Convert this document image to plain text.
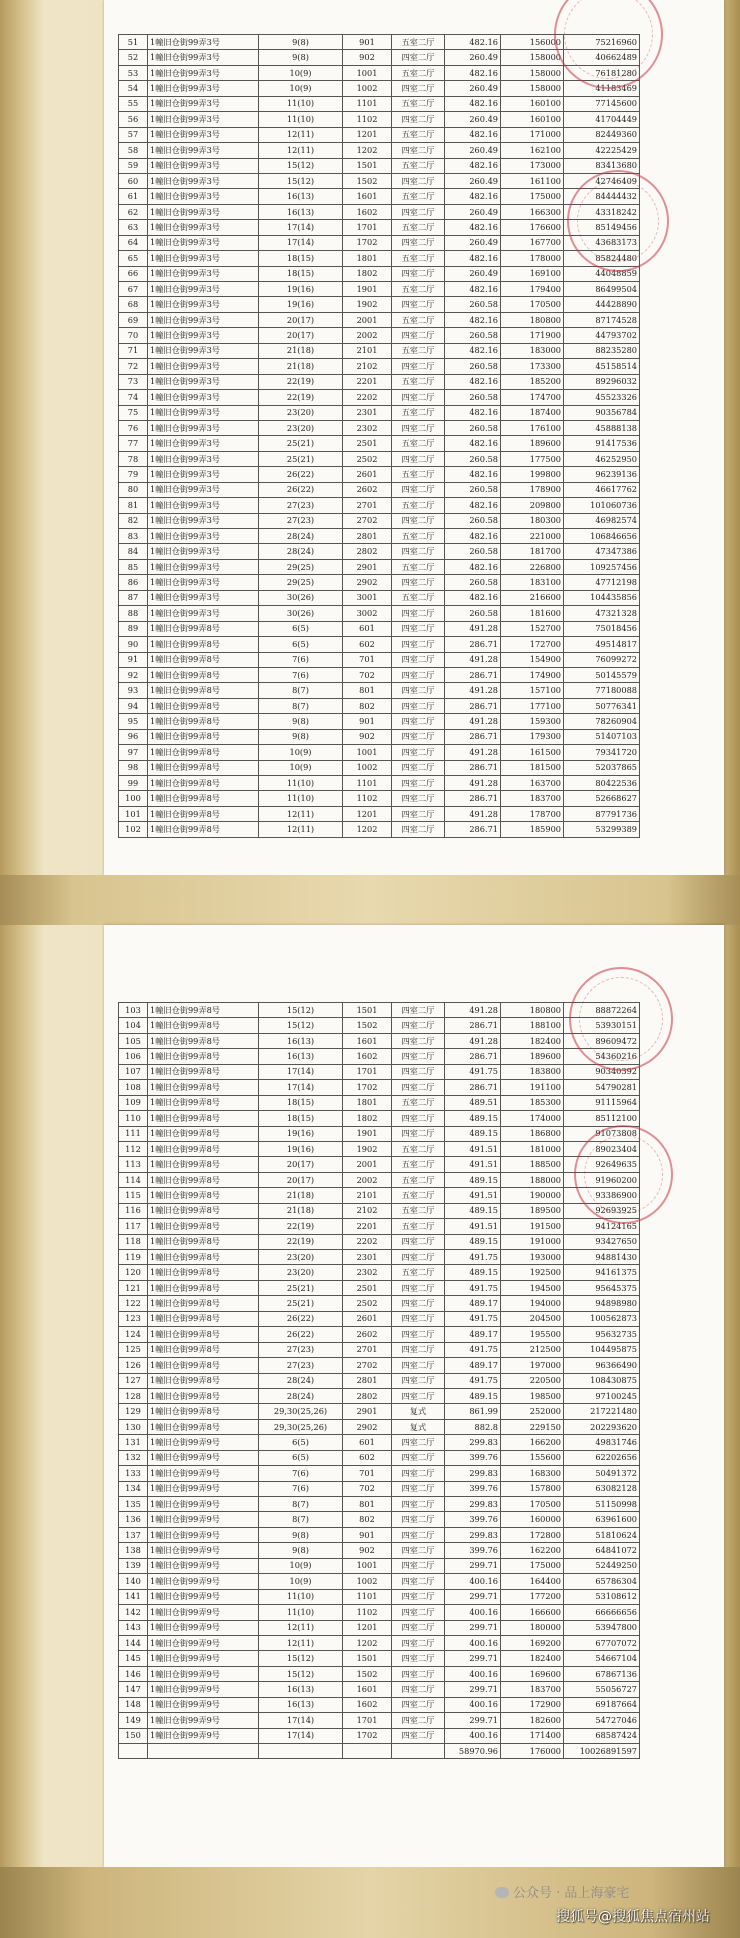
51	1幢旧仓街99弄3号	9(8)	901	五室二厅	482.16	156000	75216960
52	1幢旧仓街99弄3号	9(8)	902	四室二厅	260.49	158000	40662489
53	1幢旧仓街99弄3号	10(9)	1001	五室二厅	482.16	158000	76181280
54	1幢旧仓街99弄3号	10(9)	1002	四室二厅	260.49	158000	41183469
55	1幢旧仓街99弄3号	11(10)	1101	五室二厅	482.16	160100	77145600
56	1幢旧仓街99弄3号	11(10)	1102	四室二厅	260.49	160100	41704449
57	1幢旧仓街99弄3号	12(11)	1201	五室二厅	482.16	171000	82449360
58	1幢旧仓街99弄3号	12(11)	1202	四室二厅	260.49	162100	42225429
59	1幢旧仓街99弄3号	15(12)	1501	五室二厅	482.16	173000	83413680
60	1幢旧仓街99弄3号	15(12)	1502	四室二厅	260.49	161100	42746409
61	1幢旧仓街99弄3号	16(13)	1601	五室二厅	482.16	175000	84444432
62	1幢旧仓街99弄3号	16(13)	1602	四室二厅	260.49	166300	43318242
63	1幢旧仓街99弄3号	17(14)	1701	五室二厅	482.16	176600	85149456
64	1幢旧仓街99弄3号	17(14)	1702	四室二厅	260.49	167700	43683173
65	1幢旧仓街99弄3号	18(15)	1801	五室二厅	482.16	178000	85824480
66	1幢旧仓街99弄3号	18(15)	1802	四室二厅	260.49	169100	44048859
67	1幢旧仓街99弄3号	19(16)	1901	五室二厅	482.16	179400	86499504
68	1幢旧仓街99弄3号	19(16)	1902	四室二厅	260.58	170500	44428890
69	1幢旧仓街99弄3号	20(17)	2001	五室二厅	482.16	180800	87174528
70	1幢旧仓街99弄3号	20(17)	2002	四室二厅	260.58	171900	44793702
71	1幢旧仓街99弄3号	21(18)	2101	五室二厅	482.16	183000	88235280
72	1幢旧仓街99弄3号	21(18)	2102	四室二厅	260.58	173300	45158514
73	1幢旧仓街99弄3号	22(19)	2201	五室二厅	482.16	185200	89296032
74	1幢旧仓街99弄3号	22(19)	2202	四室二厅	260.58	174700	45523326
75	1幢旧仓街99弄3号	23(20)	2301	五室二厅	482.16	187400	90356784
76	1幢旧仓街99弄3号	23(20)	2302	四室二厅	260.58	176100	45888138
77	1幢旧仓街99弄3号	25(21)	2501	五室二厅	482.16	189600	91417536
78	1幢旧仓街99弄3号	25(21)	2502	四室二厅	260.58	177500	46252950
79	1幢旧仓街99弄3号	26(22)	2601	五室二厅	482.16	199800	96239136
80	1幢旧仓街99弄3号	26(22)	2602	四室二厅	260.58	178900	46617762
81	1幢旧仓街99弄3号	27(23)	2701	五室二厅	482.16	209800	101060736
82	1幢旧仓街99弄3号	27(23)	2702	四室二厅	260.58	180300	46982574
83	1幢旧仓街99弄3号	28(24)	2801	五室二厅	482.16	221000	106846656
84	1幢旧仓街99弄3号	28(24)	2802	四室二厅	260.58	181700	47347386
85	1幢旧仓街99弄3号	29(25)	2901	五室二厅	482.16	226800	109257456
86	1幢旧仓街99弄3号	29(25)	2902	四室二厅	260.58	183100	47712198
87	1幢旧仓街99弄3号	30(26)	3001	五室二厅	482.16	216600	104435856
88	1幢旧仓街99弄3号	30(26)	3002	四室二厅	260.58	181600	47321328
89	1幢旧仓街99弄8号	6(5)	601	四室二厅	491.28	152700	75018456
90	1幢旧仓街99弄8号	6(5)	602	四室二厅	286.71	172700	49514817
91	1幢旧仓街99弄8号	7(6)	701	四室二厅	491.28	154900	76099272
92	1幢旧仓街99弄8号	7(6)	702	四室二厅	286.71	174900	50145579
93	1幢旧仓街99弄8号	8(7)	801	四室二厅	491.28	157100	77180088
94	1幢旧仓街99弄8号	8(7)	802	四室二厅	286.71	177100	50776341
95	1幢旧仓街99弄8号	9(8)	901	四室二厅	491.28	159300	78260904
96	1幢旧仓街99弄8号	9(8)	902	四室二厅	286.71	179300	51407103
97	1幢旧仓街99弄8号	10(9)	1001	四室二厅	491.28	161500	79341720
98	1幢旧仓街99弄8号	10(9)	1002	四室二厅	286.71	181500	52037865
99	1幢旧仓街99弄8号	11(10)	1101	四室二厅	491.28	163700	80422536
100	1幢旧仓街99弄8号	11(10)	1102	四室二厅	286.71	183700	52668627
101	1幢旧仓街99弄8号	12(11)	1201	四室二厅	491.28	178700	87791736
102	1幢旧仓街99弄8号	12(11)	1202	四室二厅	286.71	185900	53299389
103	1幢旧仓街99弄8号	15(12)	1501	四室二厅	491.28	180800	88872264
104	1幢旧仓街99弄8号	15(12)	1502	四室二厅	286.71	188100	53930151
105	1幢旧仓街99弄8号	16(13)	1601	四室二厅	491.28	182400	89609472
106	1幢旧仓街99弄8号	16(13)	1602	四室二厅	286.71	189600	54360216
107	1幢旧仓街99弄8号	17(14)	1701	四室二厅	491.75	183800	90340392
108	1幢旧仓街99弄8号	17(14)	1702	四室二厅	286.71	191100	54790281
109	1幢旧仓街99弄8号	18(15)	1801	五室二厅	489.51	185300	91115964
110	1幢旧仓街99弄8号	18(15)	1802	四室二厅	489.15	174000	85112100
111	1幢旧仓街99弄8号	19(16)	1901	四室二厅	489.15	186800	91073808
112	1幢旧仓街99弄8号	19(16)	1902	五室二厅	491.51	181000	89023404
113	1幢旧仓街99弄8号	20(17)	2001	五室二厅	491.51	188500	92649635
114	1幢旧仓街99弄8号	20(17)	2002	五室二厅	489.15	188000	91960200
115	1幢旧仓街99弄8号	21(18)	2101	五室二厅	491.51	190000	93386900
116	1幢旧仓街99弄8号	21(18)	2102	五室二厅	489.15	189500	92693925
117	1幢旧仓街99弄8号	22(19)	2201	五室二厅	491.51	191500	94124165
118	1幢旧仓街99弄8号	22(19)	2202	四室二厅	489.15	191000	93427650
119	1幢旧仓街99弄8号	23(20)	2301	四室二厅	491.75	193000	94881430
120	1幢旧仓街99弄8号	23(20)	2302	五室二厅	489.15	192500	94161375
121	1幢旧仓街99弄8号	25(21)	2501	四室二厅	491.75	194500	95645375
122	1幢旧仓街99弄8号	25(21)	2502	四室二厅	489.17	194000	94898980
123	1幢旧仓街99弄8号	26(22)	2601	四室二厅	491.75	204500	100562873
124	1幢旧仓街99弄8号	26(22)	2602	四室二厅	489.17	195500	95632735
125	1幢旧仓街99弄8号	27(23)	2701	四室二厅	491.75	212500	104495875
126	1幢旧仓街99弄8号	27(23)	2702	四室二厅	489.17	197000	96366490
127	1幢旧仓街99弄8号	28(24)	2801	四室二厅	491.75	220500	108430875
128	1幢旧仓街99弄8号	28(24)	2802	四室二厅	489.15	198500	97100245
129	1幢旧仓街99弄8号	29,30(25,26)	2901	复式	861.99	252000	217221480
130	1幢旧仓街99弄8号	29,30(25,26)	2902	复式	882.8	229150	202293620
131	1幢旧仓街99弄9号	6(5)	601	四室二厅	299.83	166200	49831746
132	1幢旧仓街99弄9号	6(5)	602	四室二厅	399.76	155600	62202656
133	1幢旧仓街99弄9号	7(6)	701	四室二厅	299.83	168300	50491372
134	1幢旧仓街99弄9号	7(6)	702	四室二厅	399.76	157800	63082128
135	1幢旧仓街99弄9号	8(7)	801	四室二厅	299.83	170500	51150998
136	1幢旧仓街99弄9号	8(7)	802	四室二厅	399.76	160000	63961600
137	1幢旧仓街99弄9号	9(8)	901	四室二厅	299.83	172800	51810624
138	1幢旧仓街99弄9号	9(8)	902	四室二厅	399.76	162200	64841072
139	1幢旧仓街99弄9号	10(9)	1001	四室二厅	299.71	175000	52449250
140	1幢旧仓街99弄9号	10(9)	1002	四室二厅	400.16	164400	65786304
141	1幢旧仓街99弄9号	11(10)	1101	四室二厅	299.71	177200	53108612
142	1幢旧仓街99弄9号	11(10)	1102	四室二厅	400.16	166600	66666656
143	1幢旧仓街99弄9号	12(11)	1201	四室二厅	299.71	180000	53947800
144	1幢旧仓街99弄9号	12(11)	1202	四室二厅	400.16	169200	67707072
145	1幢旧仓街99弄9号	15(12)	1501	四室二厅	299.71	182400	54667104
146	1幢旧仓街99弄9号	15(12)	1502	四室二厅	400.16	169600	67867136
147	1幢旧仓街99弄9号	16(13)	1601	四室二厅	299.71	183700	55056727
148	1幢旧仓街99弄9号	16(13)	1602	四室二厅	400.16	172900	69187664
149	1幢旧仓街99弄9号	17(14)	1701	四室二厅	299.71	182600	54727046
150	1幢旧仓街99弄9号	17(14)	1702	四室二厅	400.16	171400	68587424
					58970.96	176000	10026891597
公众号 · 品上海豪宅
搜狐号@搜狐焦点宿州站
